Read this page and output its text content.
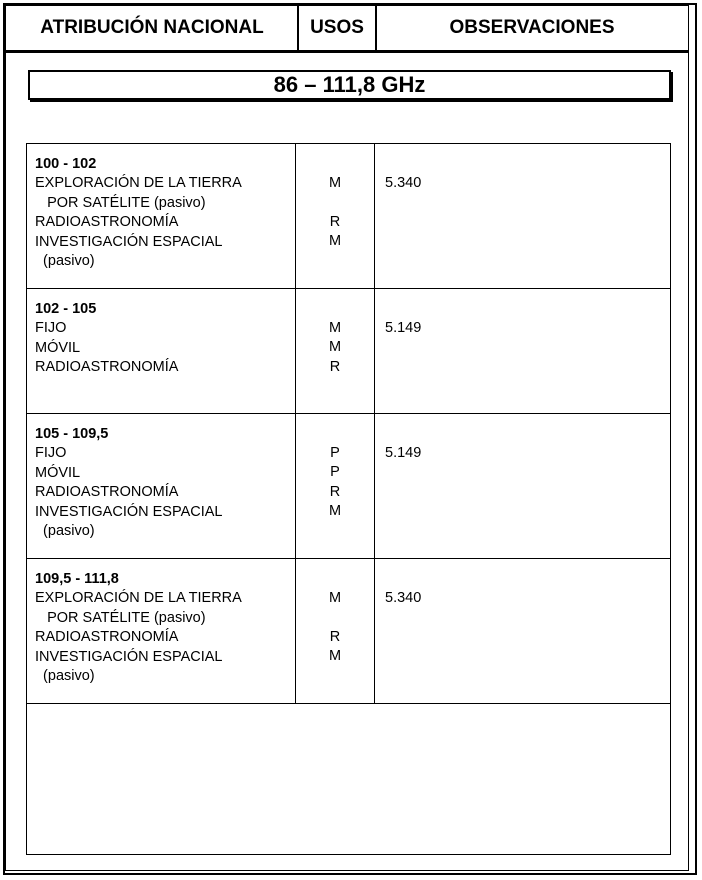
ATRIBUCIÓN NACIONAL	USOS	OBSERVACIONES
86 – 111,8 GHz
100 - 102
EXPLORACIÓN DE LA TIERRA
POR SATÉLITE (pasivo)
RADIOASTRONOMÍA
INVESTIGACIÓN ESPACIAL
(pasivo)
M
R
M
5.340
102 - 105
FIJO
MÓVIL
RADIOASTRONOMÍA
M
M
R
5.149
105 - 109,5
FIJO
MÓVIL
RADIOASTRONOMÍA
INVESTIGACIÓN ESPACIAL
(pasivo)
P
P
R
M
5.149
109,5 - 111,8
EXPLORACIÓN DE LA TIERRA
POR SATÉLITE (pasivo)
RADIOASTRONOMÍA
INVESTIGACIÓN ESPACIAL
(pasivo)
M
R
M
5.340
